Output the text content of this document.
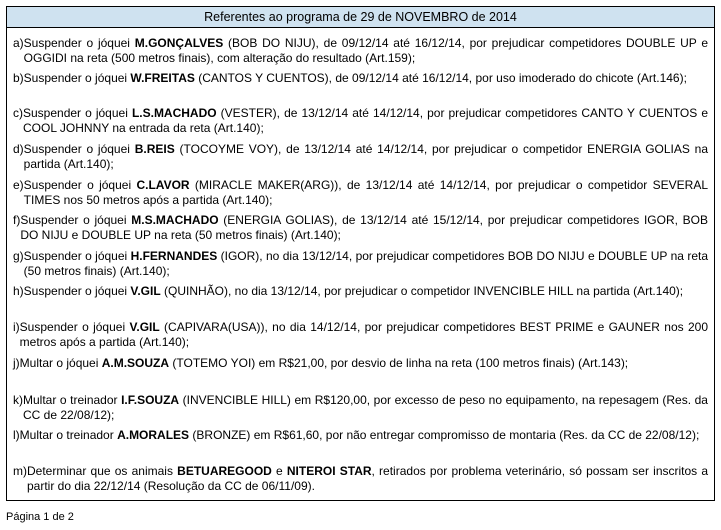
Referentes ao programa de 29 de NOVEMBRO de 2014
a) Suspender o jóquei M.GONÇALVES (BOB DO NIJU), de 09/12/14 até 16/12/14, por prejudicar competidores DOUBLE UP e OGGIDI na reta (500 metros finais), com alteração do resultado (Art.159);
b) Suspender o jóquei W.FREITAS (CANTOS Y CUENTOS), de 09/12/14 até 16/12/14, por uso imoderado do chicote (Art.146);
c) Suspender o jóquei L.S.MACHADO (VESTER), de 13/12/14 até 14/12/14, por prejudicar competidores CANTO Y CUENTOS e COOL JOHNNY na entrada da reta (Art.140);
d) Suspender o jóquei B.REIS (TOCOYME VOY), de 13/12/14 até 14/12/14, por prejudicar o competidor ENERGIA GOLIAS na partida (Art.140);
e) Suspender o jóquei C.LAVOR (MIRACLE MAKER(ARG)), de 13/12/14 até 14/12/14, por prejudicar o competidor SEVERAL TIMES nos 50 metros após a partida (Art.140);
f) Suspender o jóquei M.S.MACHADO (ENERGIA GOLIAS), de 13/12/14 até 15/12/14, por prejudicar competidores IGOR, BOB DO NIJU e DOUBLE UP na reta (50 metros finais) (Art.140);
g) Suspender o jóquei H.FERNANDES (IGOR), no dia 13/12/14, por prejudicar competidores BOB DO NIJU e DOUBLE UP na reta (50 metros finais) (Art.140);
h) Suspender o jóquei V.GIL (QUINHÃO), no dia 13/12/14, por prejudicar o competidor INVENCIBLE HILL na partida (Art.140);
i) Suspender o jóquei V.GIL (CAPIVARA(USA)), no dia 14/12/14, por prejudicar competidores BEST PRIME e GAUNER nos 200 metros após a partida (Art.140);
j) Multar o jóquei A.M.SOUZA (TOTEMO YOI) em R$21,00, por desvio de linha na reta (100 metros finais) (Art.143);
k) Multar o treinador I.F.SOUZA (INVENCIBLE HILL) em R$120,00, por excesso de peso no equipamento, na repesagem (Res. da CC de 22/08/12);
l) Multar o treinador A.MORALES (BRONZE) em R$61,60, por não entregar compromisso de montaria (Res. da CC de 22/08/12);
m) Determinar que os animais BETUAREGOOD e NITEROI STAR, retirados por problema veterinário, só possam ser inscritos a partir do dia 22/12/14 (Resolução da CC de 06/11/09).
Página 1 de 2
